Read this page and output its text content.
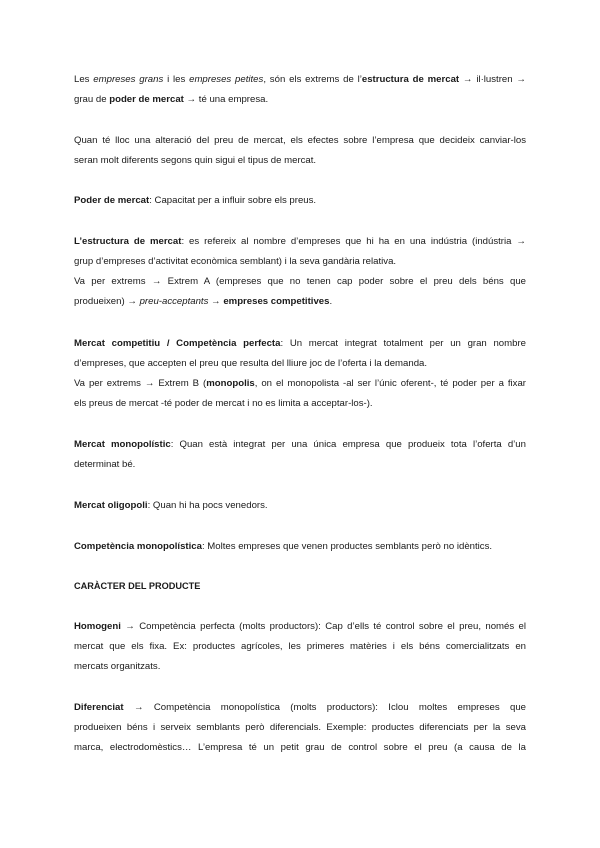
Les empreses grans i les empreses petites, són els extrems de l’estructura de mercat → il·lustren →

grau de poder de mercat → té una empresa.

Quan té lloc una alteració del preu de mercat, els efectes sobre l’empresa que decideix canviar-los

seran molt diferents segons quin sigui el tipus de mercat.

Poder de mercat: Capacitat per a influir sobre els preus.

L’estructura de mercat: es refereix al nombre d’empreses que hi ha en una indústria (indústria →

grup d’empreses d’activitat econòmica semblant) i la seva gandària relativa.

Va per extrems → Extrem A (empreses que no tenen cap poder sobre el preu dels béns que

produeixen) → preu-acceptants → empreses competitives.

Mercat competitiu / Competència perfecta: Un mercat integrat totalment per un gran nombre

d’empreses, que accepten el preu que resulta del lliure joc de l’oferta i la demanda.

Va per extrems → Extrem B (monopolis, on el monopolista -al ser l’únic oferent-, té poder per a fixar

els preus de mercat -té poder de mercat i no es limita a acceptar-los-).

Mercat monopolístic: Quan està integrat per una única empresa que produeix tota l’oferta d’un

determinat bé.

Mercat oligopoli: Quan hi ha pocs venedors.

Competència monopolística: Moltes empreses que venen productes semblants però no idèntics.

CARÀCTER DEL PRODUCTE

Homogeni → Competència perfecta (molts productors): Cap d’ells té control sobre el preu, només el

mercat que els fixa. Ex: productes agrícoles, les primeres matèries i els béns comercialitzats en

mercats organitzats.

Diferenciat → Competència monopolística (molts productors): Iclou moltes empreses que

produeixen béns i serveix semblants però diferencials. Exemple: productes diferenciats per la seva

marca, electrodomèstics… L’empresa té un petit grau de control sobre el preu (a causa de la
